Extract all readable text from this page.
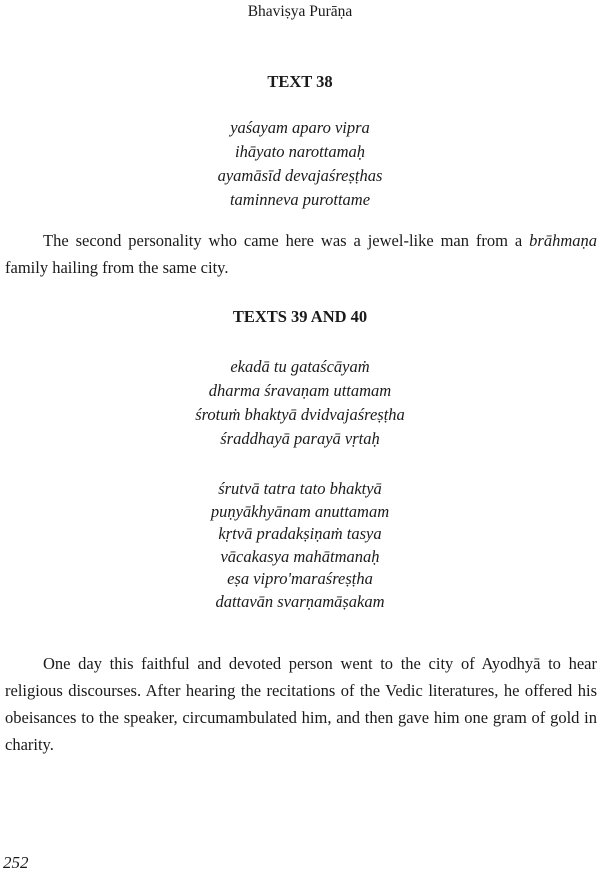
Bhaviṣya Purāṇa
TEXT 38
yaśayam aparo vipra
ihāyato narottamaḥ
ayamāsīd devajaśreṣṭhas
taminneva purottame

The second personality who came here was a jewel-like man from a brāhmaṇa family hailing from the same city.

TEXTS 39 AND 40
ekadā tu gataścāyaṁ
dharma śravaṇam uttamam
śrotuṁ bhaktyā dvidvajaśreṣṭha
śraddhayā parayā vṛtaḥ
śrutvā tatra tato bhaktyā
puṇyākhyānam anuttamam
kṛtvā pradakṣiṇaṁ tasya
vācakasya mahātmanaḥ
eṣa vipro'maraśreṣṭha
dattavān svarṇamāṣakam

One day this faithful and devoted person went to the city of Ayodhyā to hear religious discourses. After hearing the recitations of the Vedic literatures, he offered his obeisances to the speaker, circumambulated him, and then gave him one gram of gold in charity.

252
